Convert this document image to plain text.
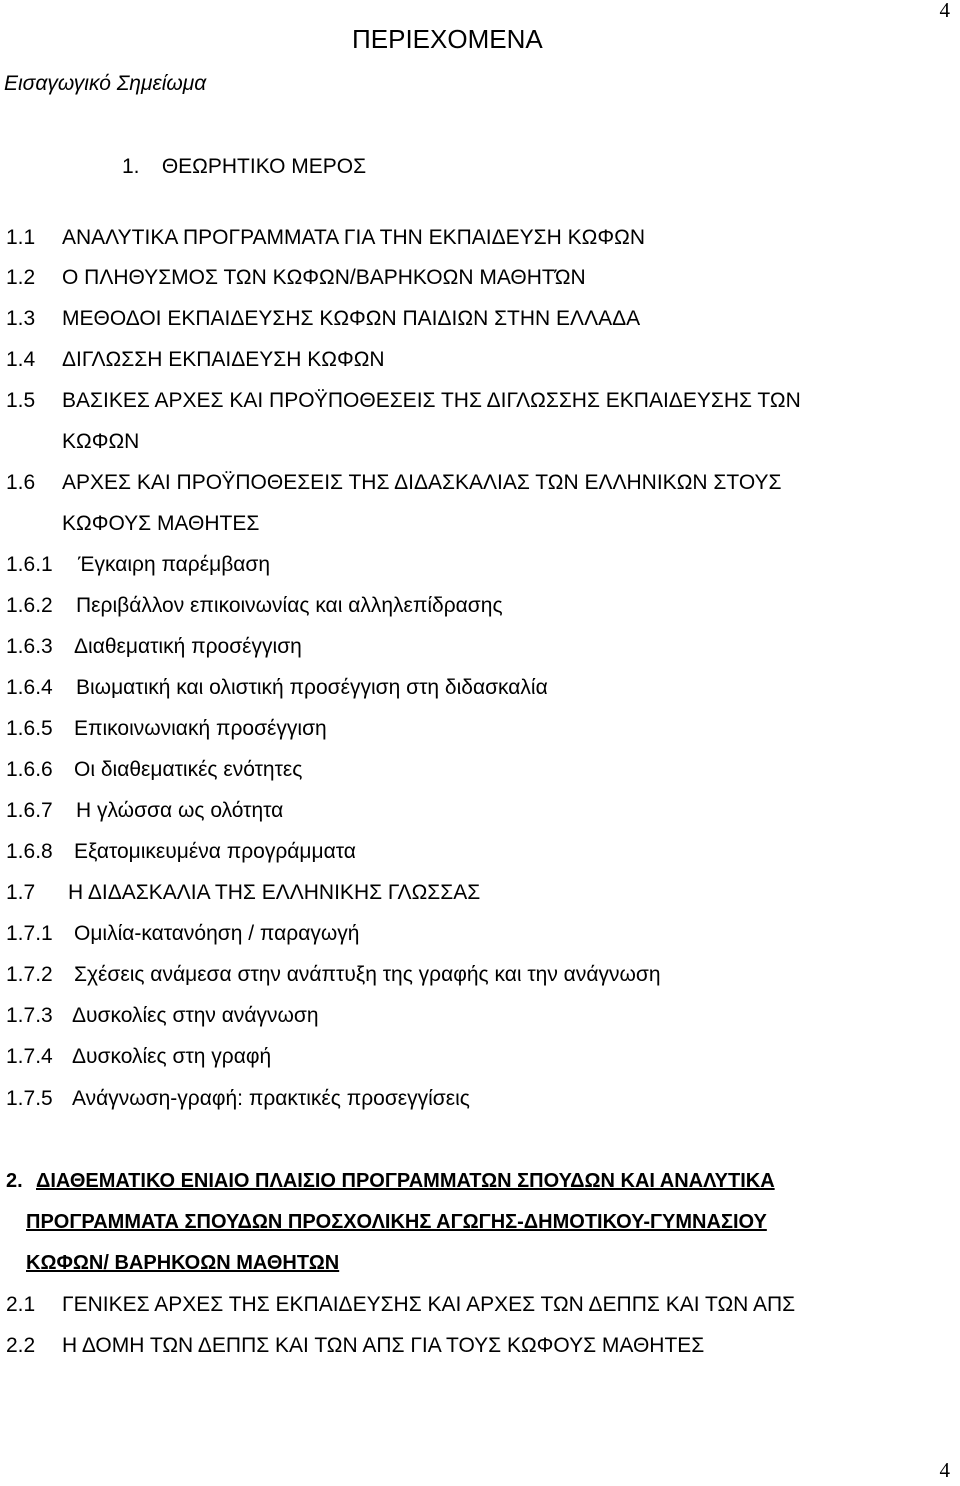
4
ΠΕΡΙΕΧΟΜΕΝΑ
Εισαγωγικό Σημείωμα
1. ΘΕΩΡΗΤΙΚΟ ΜΕΡΟΣ
1.1 ΑΝΑΛΥΤΙΚΑ ΠΡΟΓΡΑΜΜΑΤΑ ΓΙΑ ΤΗΝ ΕΚΠΑΙΔΕΥΣΗ ΚΩΦΩΝ
1.2 Ο ΠΛΗΘΥΣΜΟΣ ΤΩΝ ΚΩΦΩΝ/ΒΑΡΗΚΟΩΝ ΜΑΘΗΤΏΝ
1.3 ΜΕΘΟΔΟΙ ΕΚΠΑΙΔΕΥΣΗΣ ΚΩΦΩΝ ΠΑΙΔΙΩΝ ΣΤΗΝ ΕΛΛΑΔΑ
1.4 ΔΙΓΛΩΣΣΗ ΕΚΠΑΙΔΕΥΣΗ ΚΩΦΩΝ
1.5 ΒΑΣΙΚΕΣ ΑΡΧΕΣ ΚΑΙ ΠΡΟΫΠΟΘΕΣΕΙΣ ΤΗΣ ΔΙΓΛΩΣΣΗΣ ΕΚΠΑΙΔΕΥΣΗΣ ΤΩΝ
ΚΩΦΩΝ
1.6 ΑΡΧΕΣ ΚΑΙ ΠΡΟΫΠΟΘΕΣΕΙΣ ΤΗΣ ΔΙΔΑΣΚΑΛΙΑΣ ΤΩΝ ΕΛΛΗΝΙΚΩΝ ΣΤΟΥΣ
ΚΩΦΟΥΣ ΜΑΘΗΤΕΣ
1.6.1 Έγκαιρη παρέμβαση
1.6.2 Περιβάλλον επικοινωνίας και αλληλεπίδρασης
1.6.3 Διαθεματική προσέγγιση
1.6.4 Βιωματική και ολιστική προσέγγιση στη διδασκαλία
1.6.5 Επικοινωνιακή προσέγγιση
1.6.6 Οι διαθεματικές ενότητες
1.6.7 Η γλώσσα ως ολότητα
1.6.8 Εξατομικευμένα προγράμματα
1.7 Η ΔΙΔΑΣΚΑΛΙΑ ΤΗΣ ΕΛΛΗΝΙΚΗΣ ΓΛΩΣΣΑΣ
1.7.1 Ομιλία-κατανόηση / παραγωγή
1.7.2 Σχέσεις ανάμεσα στην ανάπτυξη της γραφής και την ανάγνωση
1.7.3 Δυσκολίες στην ανάγνωση
1.7.4 Δυσκολίες στη γραφή
1.7.5 Ανάγνωση-γραφή: πρακτικές προσεγγίσεις
2. ΔΙΑΘΕΜΑΤΙΚΟ ΕΝΙΑΙΟ ΠΛΑΙΣΙΟ ΠΡΟΓΡΑΜΜΑΤΩΝ ΣΠΟΥΔΩΝ ΚΑΙ ΑΝΑΛΥΤΙΚΑ
ΠΡΟΓΡΑΜΜΑΤΑ ΣΠΟΥΔΩΝ ΠΡΟΣΧΟΛΙΚΗΣ ΑΓΩΓΗΣ-ΔΗΜΟΤΙΚΟΥ-ΓΥΜΝΑΣΙΟΥ
ΚΩΦΩΝ/ ΒΑΡΗΚΟΩΝ ΜΑΘΗΤΩΝ
2.1 ΓΕΝΙΚΕΣ ΑΡΧΕΣ ΤΗΣ ΕΚΠΑΙΔΕΥΣΗΣ ΚΑΙ ΑΡΧΕΣ ΤΩΝ ΔΕΠΠΣ ΚΑΙ ΤΩΝ ΑΠΣ
2.2 Η ΔΟΜΗ ΤΩΝ ΔΕΠΠΣ ΚΑΙ ΤΩΝ ΑΠΣ ΓΙΑ ΤΟΥΣ ΚΩΦΟΥΣ ΜΑΘΗΤΕΣ
4
